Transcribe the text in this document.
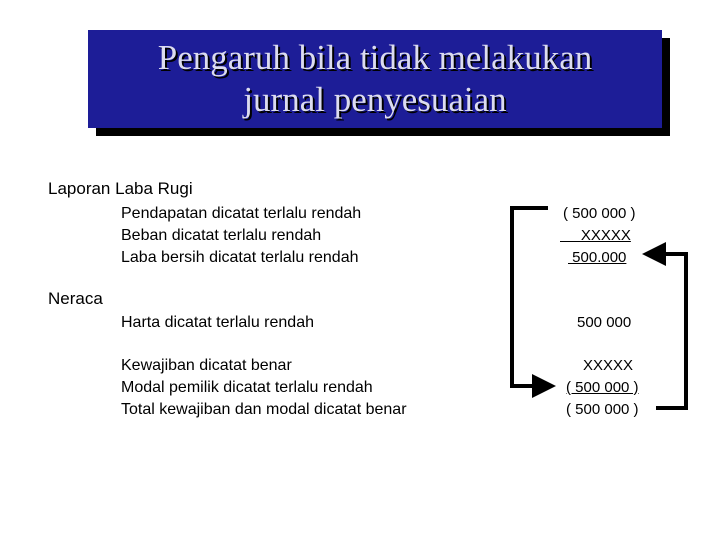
Pengaruh bila tidak melakukan
jurnal penyesuaian
Laporan Laba Rugi
Pendapatan dicatat terlalu rendah
Beban dicatat terlalu rendah
Laba bersih dicatat terlalu rendah
( 500 000 )
XXXXX
500.000
Neraca
Harta dicatat terlalu rendah
Kewajiban dicatat benar
Modal pemilik dicatat terlalu rendah
Total kewajiban dan modal dicatat benar
500 000
XXXXX
( 500 000 )
( 500 000 )
